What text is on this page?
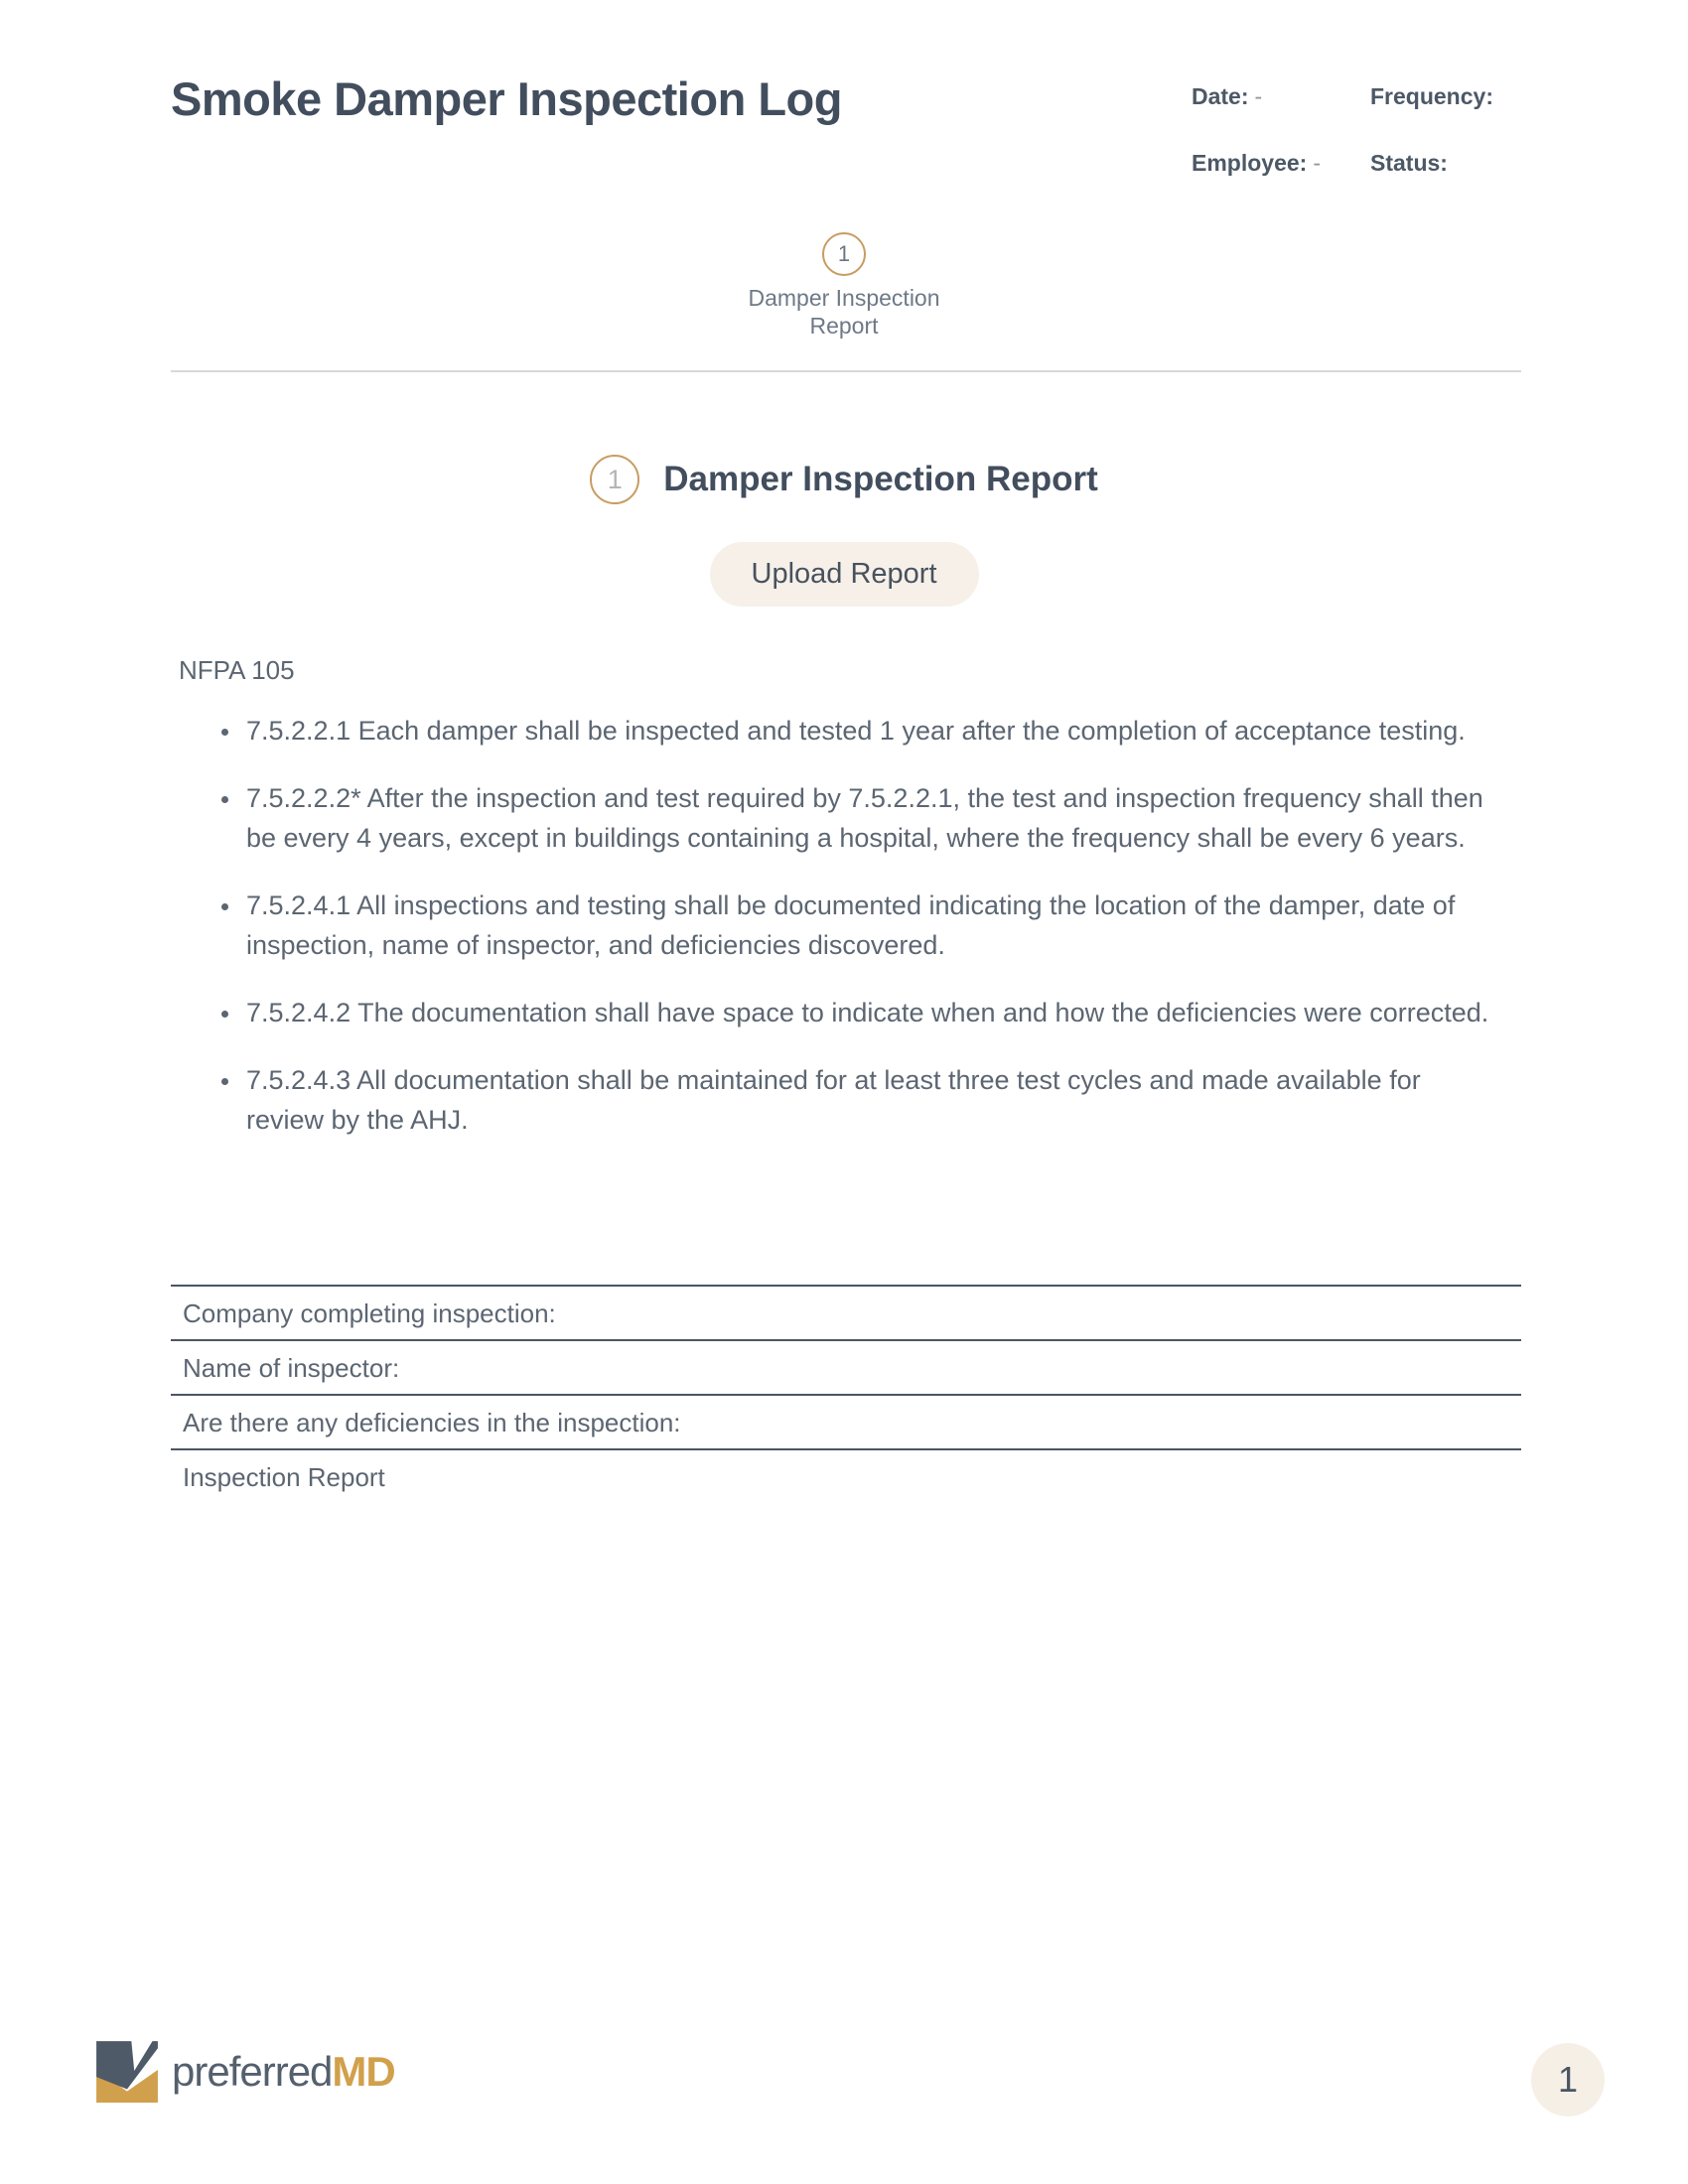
Smoke Damper Inspection Log	Date: -	Frequency:
Employee: -	Status:
1
Damper Inspection Report
1	Damper Inspection Report
Upload Report
NFPA 105
• 7.5.2.2.1 Each damper shall be inspected and tested 1 year after the completion of acceptance testing.
• 7.5.2.2.2* After the inspection and test required by 7.5.2.2.1, the test and inspection frequency shall then be every 4 years, except in buildings containing a hospital, where the frequency shall be every 6 years.
• 7.5.2.4.1 All inspections and testing shall be documented indicating the location of the damper, date of inspection, name of inspector, and deficiencies discovered.
• 7.5.2.4.2 The documentation shall have space to indicate when and how the deficiencies were corrected.
• 7.5.2.4.3 All documentation shall be maintained for at least three test cycles and made available for review by the AHJ.
Company completing inspection:
Name of inspector:
Are there any deficiencies in the inspection:
Inspection Report
preferredMD	1
